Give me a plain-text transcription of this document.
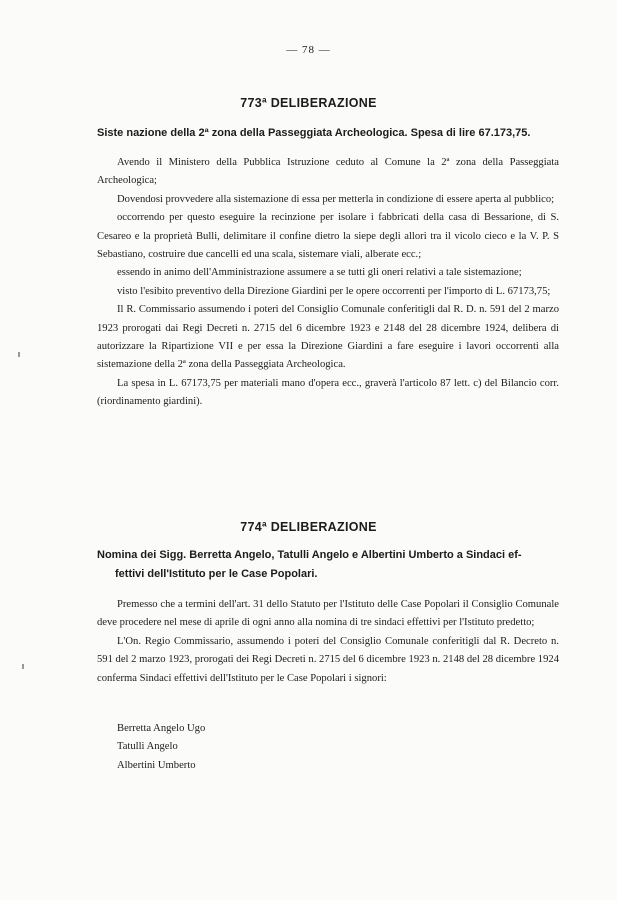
— 78 —
773ª DELIBERAZIONE
Siste nazione della 2ª zona della Passeggiata Archeologica. Spesa di lire 67.173,75.

Avendo il Ministero della Pubblica Istruzione ceduto al Comune la 2ª zona della Passeggiata Archeologica;

Dovendosi provvedere alla sistemazione di essa per metterla in condizione di essere aperta al pubblico;

occorrendo per questo eseguire la recinzione per isolare i fabbricati della casa di Bessarione, di S. Cesareo e la proprietà Bulli, delimitare il confine dietro la siepe degli allori tra il vicolo cieco e la V. P. S Sebastiano, costruire due cancelli ed una scala, sistemare viali, alberate ecc.;

essendo in animo dell'Amministrazione assumere a se tutti gli oneri relativi a tale sistemazione;

visto l'esibito preventivo della Direzione Giardini per le opere occorrenti per l'importo di L. 67173,75;

Il R. Commissario assumendo i poteri del Consiglio Comunale conferitigli dal R. D. n. 591 del 2 marzo 1923 prorogati dai Regi Decreti n. 2715 del 6 dicembre 1923 e 2148 del 28 dicembre 1924, delibera di autorizzare la Ripartizione VII e per essa la Direzione Giardini a fare eseguire i lavori occorrenti alla sistemazione della 2ª zona della Passeggiata Archeologica.

La spesa in L. 67173,75 per materiali mano d'opera ecc., graverà l'articolo 87 lett. c) del Bilancio corr. (riordinamento giardini).

774ª DELIBERAZIONE
Nomina dei Sigg. Berretta Angelo, Tatulli Angelo e Albertini Umberto a Sindaci ef-
fettivi dell'Istituto per le Case Popolari.

Premesso che a termini dell'art. 31 dello Statuto per l'Istituto delle Case Popolari il Consiglio Comunale deve procedere nel mese di aprile di ogni anno alla nomina di tre sindaci effettivi per l'Istituto predetto;

L'On. Regio Commissario, assumendo i poteri del Consiglio Comunale conferitigli dal R. Decreto n. 591 del 2 marzo 1923, prorogati dei Regi Decreti n. 2715 del 6 dicembre 1923 n. 2148 del 28 dicembre 1924 conferma Sindaci effettivi dell'Istituto per le Case Popolari i signori:

Berretta Angelo Ugo
Tatulli Angelo
Albertini Umberto
